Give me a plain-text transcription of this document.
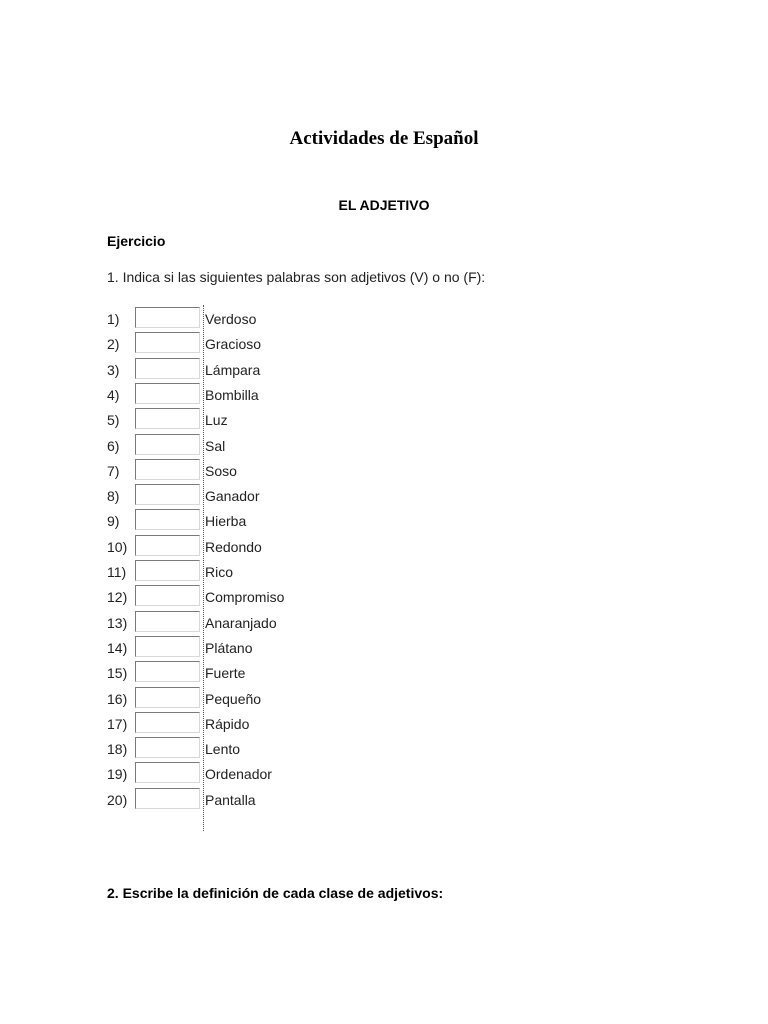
Actividades de Español
EL ADJETIVO
Ejercicio
1. Indica si las siguientes palabras son adjetivos (V) o no (F):
1)	Verdoso
2)	Gracioso
3)	Lámpara
4)	Bombilla
5)	Luz
6)	Sal
7)	Soso
8)	Ganador
9)	Hierba
10)	Redondo
11)	Rico
12)	Compromiso
13)	Anaranjado
14)	Plátano
15)	Fuerte
16)	Pequeño
17)	Rápido
18)	Lento
19)	Ordenador
20)	Pantalla
2. Escribe la definición de cada clase de adjetivos:
